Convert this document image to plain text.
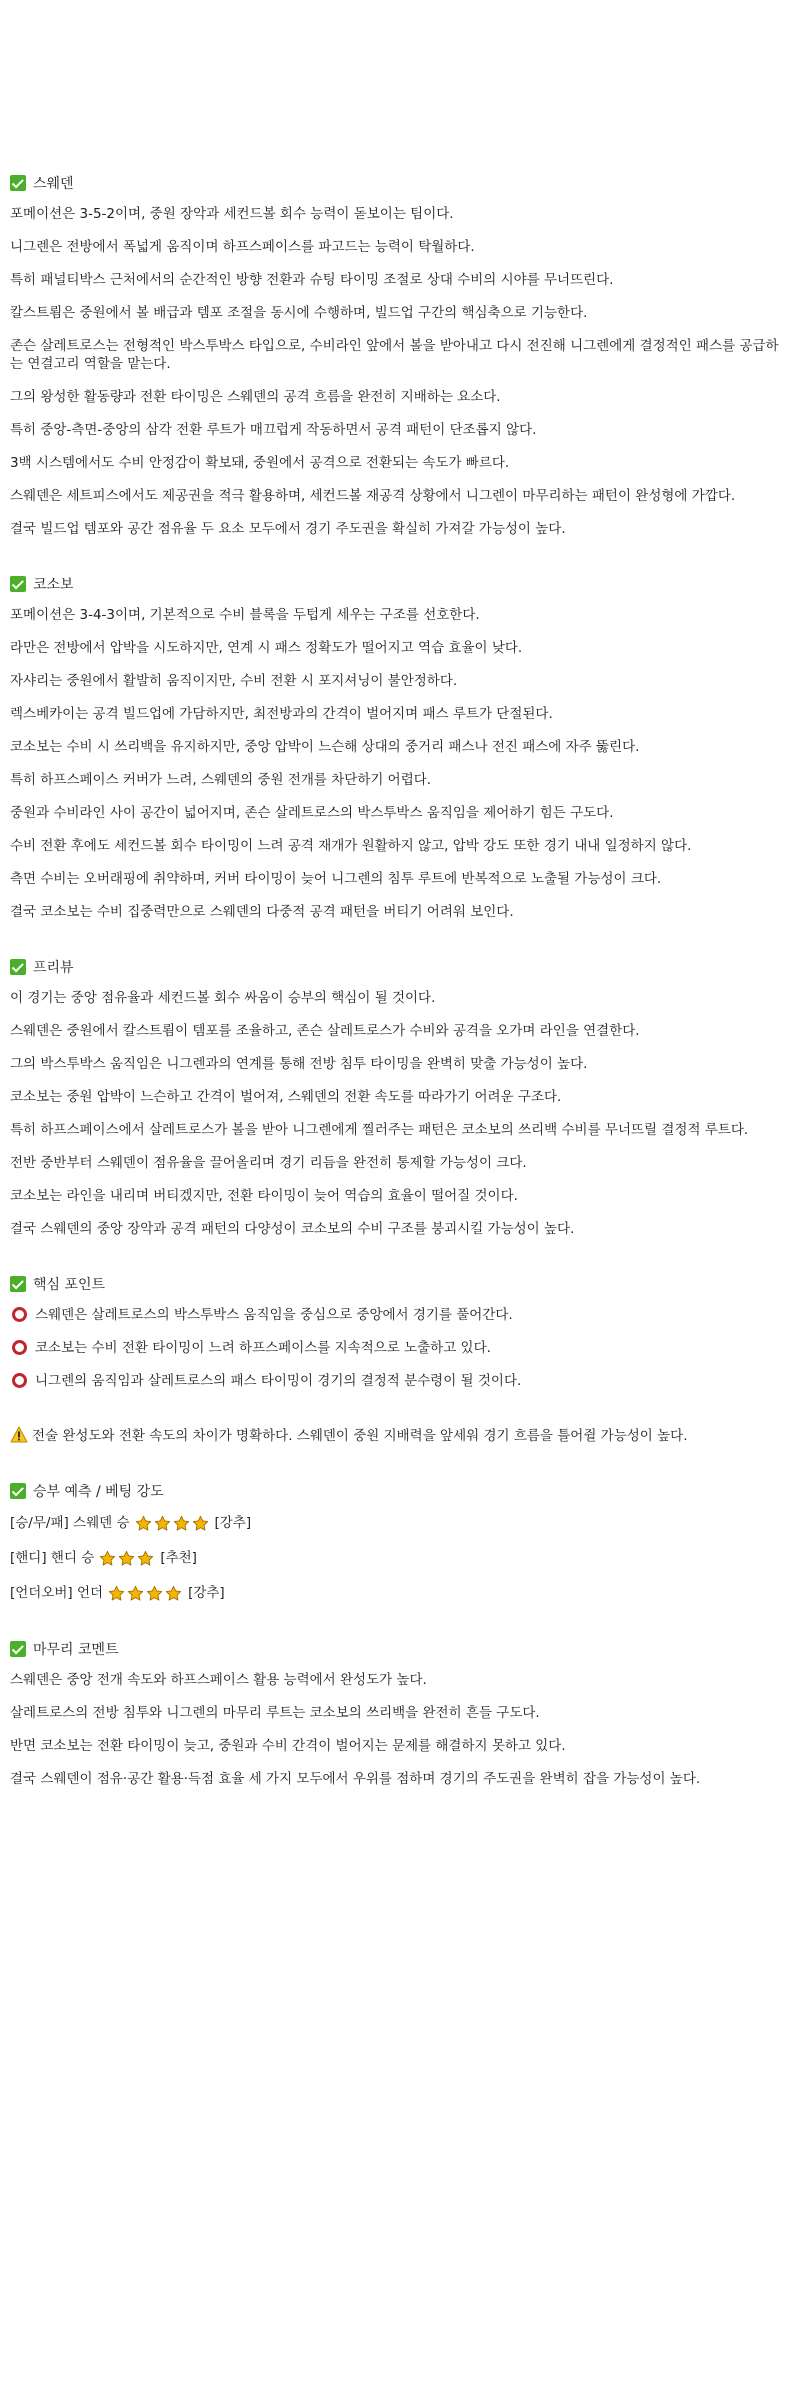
스웨덴

포메이션은 3-5-2이며, 중원 장악과 세컨드볼 회수 능력이 돋보이는 팀이다.

니그렌은 전방에서 폭넓게 움직이며 하프스페이스를 파고드는 능력이 탁월하다.

특히 패널티박스 근처에서의 순간적인 방향 전환과 슈팅 타이밍 조절로 상대 수비의 시야를 무너뜨린다.

칼스트룀은 중원에서 볼 배급과 템포 조절을 동시에 수행하며, 빌드업 구간의 핵심축으로 기능한다.

존슨 살레트로스는 전형적인 박스투박스 타입으로, 수비라인 앞에서 볼을 받아내고 다시 전진해 니그렌에게 결정적인 패스를 공급하는 연결고리 역할을 맡는다.

그의 왕성한 활동량과 전환 타이밍은 스웨덴의 공격 흐름을 완전히 지배하는 요소다.

특히 중앙-측면-중앙의 삼각 전환 루트가 매끄럽게 작동하면서 공격 패턴이 단조롭지 않다.

3백 시스템에서도 수비 안정감이 확보돼, 중원에서 공격으로 전환되는 속도가 빠르다.

스웨덴은 세트피스에서도 제공권을 적극 활용하며, 세컨드볼 재공격 상황에서 니그렌이 마무리하는 패턴이 완성형에 가깝다.

결국 빌드업 템포와 공간 점유율 두 요소 모두에서 경기 주도권을 확실히 가져갈 가능성이 높다.

코소보

포메이션은 3-4-3이며, 기본적으로 수비 블록을 두텁게 세우는 구조를 선호한다.

라만은 전방에서 압박을 시도하지만, 연계 시 패스 정확도가 떨어지고 역습 효율이 낮다.

자샤리는 중원에서 활발히 움직이지만, 수비 전환 시 포지셔닝이 불안정하다.

렉스베카이는 공격 빌드업에 가담하지만, 최전방과의 간격이 벌어지며 패스 루트가 단절된다.

코소보는 수비 시 쓰리백을 유지하지만, 중앙 압박이 느슨해 상대의 중거리 패스나 전진 패스에 자주 뚫린다.

특히 하프스페이스 커버가 느려, 스웨덴의 중원 전개를 차단하기 어렵다.

중원과 수비라인 사이 공간이 넓어지며, 존슨 살레트로스의 박스투박스 움직임을 제어하기 힘든 구도다.

수비 전환 후에도 세컨드볼 회수 타이밍이 느려 공격 재개가 원활하지 않고, 압박 강도 또한 경기 내내 일정하지 않다.

측면 수비는 오버래핑에 취약하며, 커버 타이밍이 늦어 니그렌의 침투 루트에 반복적으로 노출될 가능성이 크다.

결국 코소보는 수비 집중력만으로 스웨덴의 다중적 공격 패턴을 버티기 어려워 보인다.

프리뷰

이 경기는 중앙 점유율과 세컨드볼 회수 싸움이 승부의 핵심이 될 것이다.

스웨덴은 중원에서 칼스트룀이 템포를 조율하고, 존슨 살레트로스가 수비와 공격을 오가며 라인을 연결한다.

그의 박스투박스 움직임은 니그렌과의 연계를 통해 전방 침투 타이밍을 완벽히 맞출 가능성이 높다.

코소보는 중원 압박이 느슨하고 간격이 벌어져, 스웨덴의 전환 속도를 따라가기 어려운 구조다.

특히 하프스페이스에서 살레트로스가 볼을 받아 니그렌에게 찔러주는 패턴은 코소보의 쓰리백 수비를 무너뜨릴 결정적 루트다.

전반 중반부터 스웨덴이 점유율을 끌어올리며 경기 리듬을 완전히 통제할 가능성이 크다.

코소보는 라인을 내리며 버티겠지만, 전환 타이밍이 늦어 역습의 효율이 떨어질 것이다.

결국 스웨덴의 중앙 장악과 공격 패턴의 다양성이 코소보의 수비 구조를 붕괴시킬 가능성이 높다.

핵심 포인트
스웨덴은 살레트로스의 박스투박스 움직임을 중심으로 중앙에서 경기를 풀어간다.
코소보는 수비 전환 타이밍이 느려 하프스페이스를 지속적으로 노출하고 있다.
니그렌의 움직임과 살레트로스의 패스 타이밍이 경기의 결정적 분수령이 될 것이다.

전술 완성도와 전환 속도의 차이가 명확하다. 스웨덴이 중원 지배력을 앞세워 경기 흐름을 틀어쥘 가능성이 높다.

승부 예측 / 베팅 강도
[승/무/패] 스웨덴 승	[강추]
[핸디] 핸디 승	[추천]
[언더오버] 언더	[강추]
마무리 코멘트

스웨덴은 중앙 전개 속도와 하프스페이스 활용 능력에서 완성도가 높다.

살레트로스의 전방 침투와 니그렌의 마무리 루트는 코소보의 쓰리백을 완전히 흔들 구도다.

반면 코소보는 전환 타이밍이 늦고, 중원과 수비 간격이 벌어지는 문제를 해결하지 못하고 있다.

결국 스웨덴이 점유·공간 활용·득점 효율 세 가지 모두에서 우위를 점하며 경기의 주도권을 완벽히 잡을 가능성이 높다.
